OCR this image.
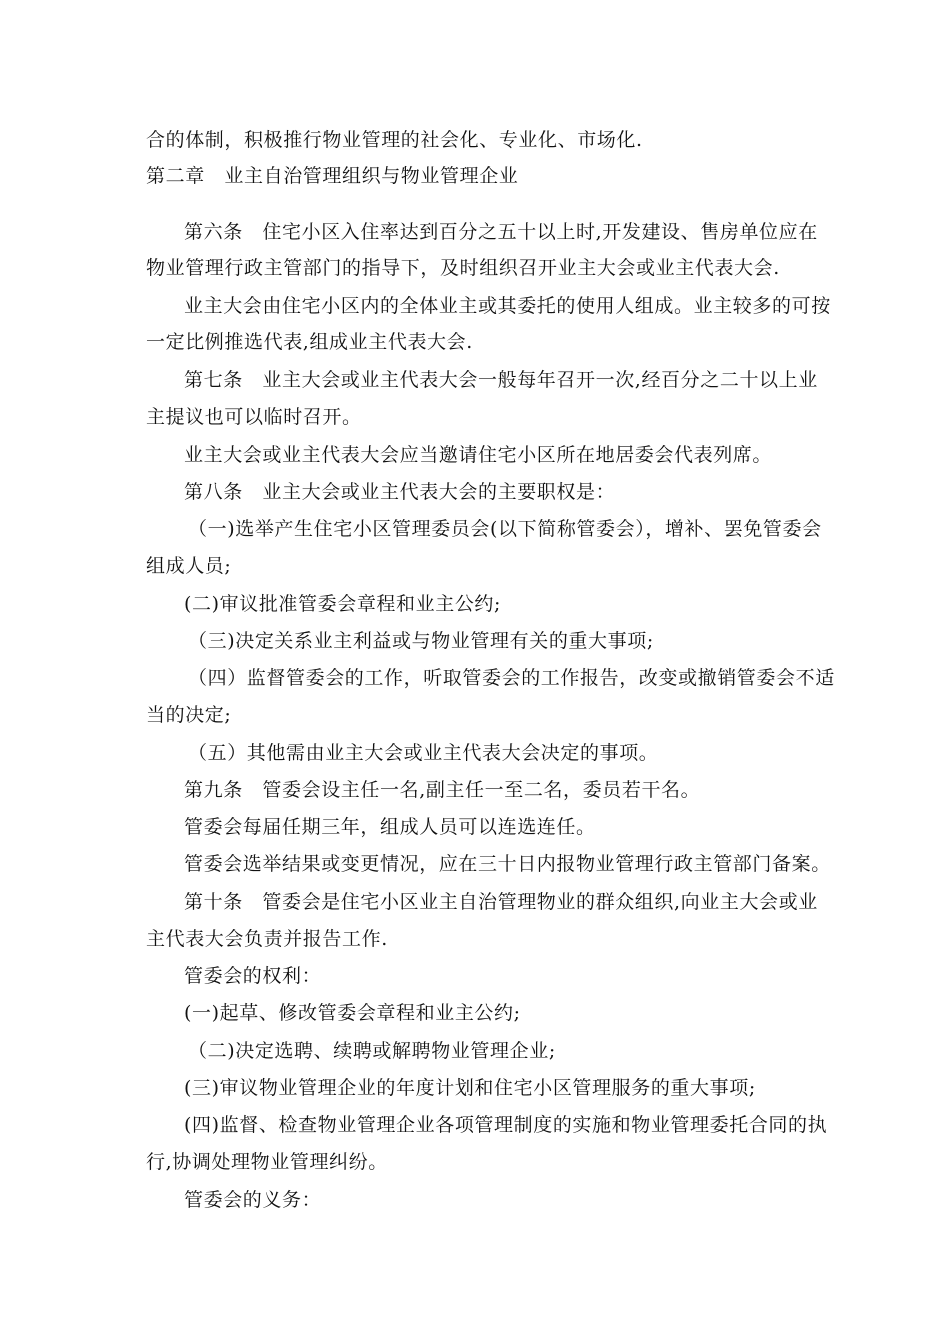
合的体制，积极推行物业管理的社会化、专业化、市场化.
第二章　业主自治管理组织与物业管理企业
第六条　住宅小区入住率达到百分之五十以上时,开发建设、售房单位应在
物业管理行政主管部门的指导下，及时组织召开业主大会或业主代表大会.
业主大会由住宅小区内的全体业主或其委托的使用人组成。业主较多的可按
一定比例推选代表,组成业主代表大会.
第七条　业主大会或业主代表大会一般每年召开一次,经百分之二十以上业
主提议也可以临时召开。
业主大会或业主代表大会应当邀请住宅小区所在地居委会代表列席。
第八条　业主大会或业主代表大会的主要职权是：
（一)选举产生住宅小区管理委员会(以下简称管委会），增补、罢免管委会
组成人员;
(二)审议批准管委会章程和业主公约;
（三)决定关系业主利益或与物业管理有关的重大事项;
（四）监督管委会的工作，听取管委会的工作报告，改变或撤销管委会不适
当的决定;
（五）其他需由业主大会或业主代表大会决定的事项。
第九条　管委会设主任一名,副主任一至二名，委员若干名。
管委会每届任期三年，组成人员可以连选连任。
管委会选举结果或变更情况，应在三十日内报物业管理行政主管部门备案。
第十条　管委会是住宅小区业主自治管理物业的群众组织,向业主大会或业
主代表大会负责并报告工作.
管委会的权利：
(一)起草、修改管委会章程和业主公约;
（二)决定选聘、续聘或解聘物业管理企业;
(三)审议物业管理企业的年度计划和住宅小区管理服务的重大事项;
(四)监督、检查物业管理企业各项管理制度的实施和物业管理委托合同的执
行,协调处理物业管理纠纷。
管委会的义务：
